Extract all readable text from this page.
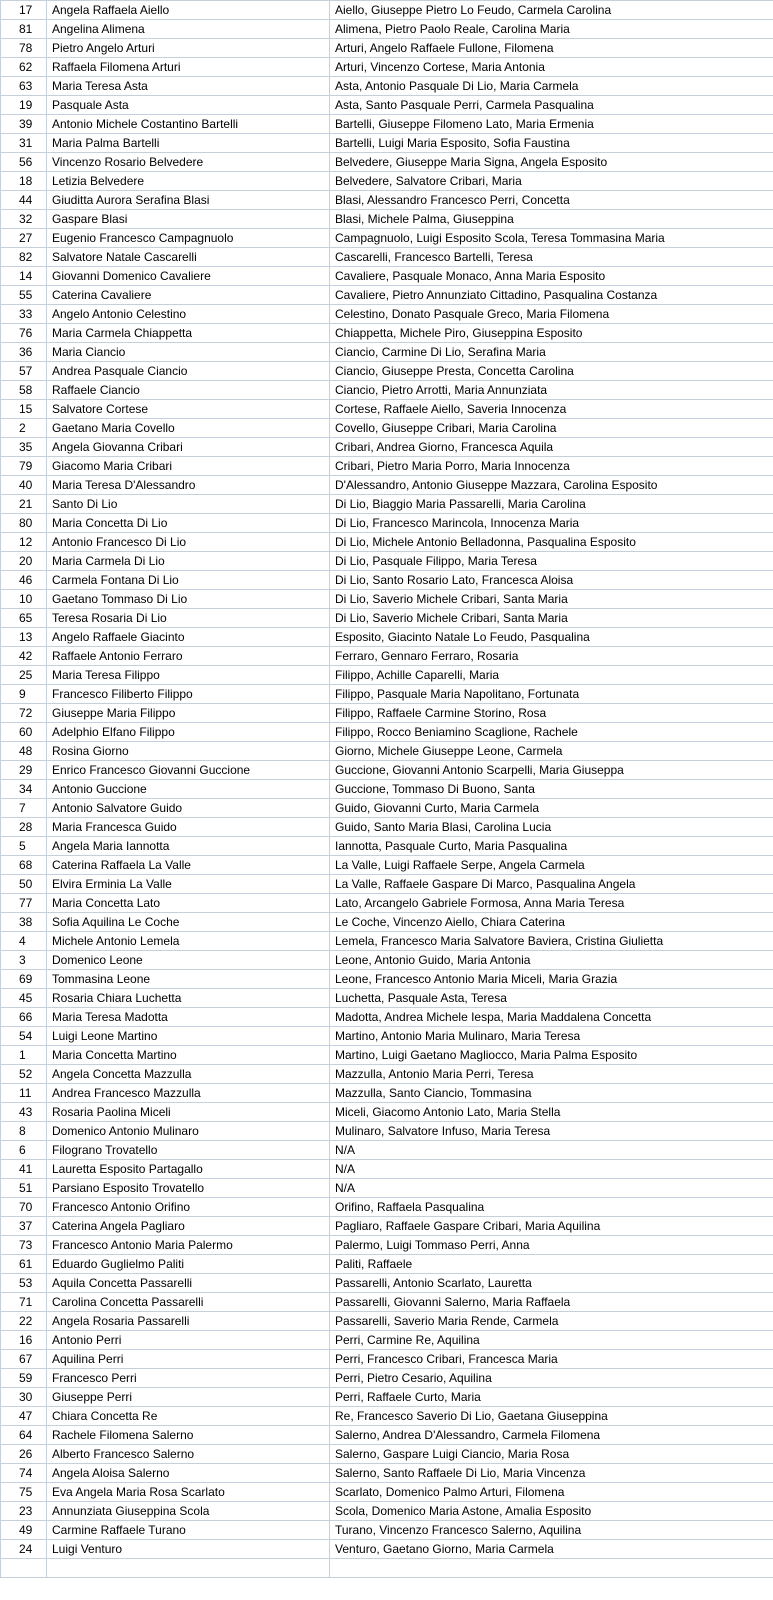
17	Angela Raffaela Aiello	Aiello, Giuseppe Pietro Lo Feudo, Carmela Carolina
81	Angelina Alimena	Alimena, Pietro Paolo Reale, Carolina Maria
78	Pietro Angelo Arturi	Arturi, Angelo Raffaele Fullone, Filomena
62	Raffaela Filomena Arturi	Arturi, Vincenzo Cortese, Maria Antonia
63	Maria Teresa Asta	Asta, Antonio Pasquale Di Lio, Maria Carmela
19	Pasquale Asta	Asta, Santo Pasquale Perri, Carmela Pasqualina
39	Antonio Michele Costantino Bartelli	Bartelli, Giuseppe Filomeno Lato, Maria Ermenia
31	Maria Palma Bartelli	Bartelli, Luigi Maria Esposito, Sofia Faustina
56	Vincenzo Rosario Belvedere	Belvedere, Giuseppe Maria Signa, Angela Esposito
18	Letizia Belvedere	Belvedere, Salvatore Cribari, Maria
44	Giuditta Aurora Serafina Blasi	Blasi, Alessandro Francesco Perri, Concetta
32	Gaspare Blasi	Blasi, Michele Palma, Giuseppina
27	Eugenio Francesco Campagnuolo	Campagnuolo, Luigi Esposito Scola, Teresa Tommasina Maria
82	Salvatore Natale Cascarelli	Cascarelli, Francesco Bartelli, Teresa
14	Giovanni Domenico Cavaliere	Cavaliere, Pasquale Monaco, Anna Maria Esposito
55	Caterina Cavaliere	Cavaliere, Pietro Annunziato Cittadino, Pasqualina Costanza
33	Angelo Antonio Celestino	Celestino, Donato Pasquale Greco, Maria Filomena
76	Maria Carmela Chiappetta	Chiappetta, Michele Piro, Giuseppina Esposito
36	Maria Ciancio	Ciancio, Carmine Di Lio, Serafina Maria
57	Andrea Pasquale Ciancio	Ciancio, Giuseppe Presta, Concetta Carolina
58	Raffaele Ciancio	Ciancio, Pietro Arrotti, Maria Annunziata
15	Salvatore Cortese	Cortese, Raffaele Aiello, Saveria Innocenza
2	Gaetano Maria Covello	Covello, Giuseppe Cribari, Maria Carolina
35	Angela Giovanna Cribari	Cribari, Andrea Giorno, Francesca Aquila
79	Giacomo Maria Cribari	Cribari, Pietro Maria Porro, Maria Innocenza
40	Maria Teresa D'Alessandro	D'Alessandro, Antonio Giuseppe Mazzara, Carolina Esposito
21	Santo Di Lio	Di Lio, Biaggio Maria Passarelli, Maria Carolina
80	Maria Concetta Di Lio	Di Lio, Francesco Marincola, Innocenza Maria
12	Antonio Francesco Di Lio	Di Lio, Michele Antonio Belladonna, Pasqualina Esposito
20	Maria Carmela Di Lio	Di Lio, Pasquale Filippo, Maria Teresa
46	Carmela Fontana Di Lio	Di Lio, Santo Rosario Lato, Francesca Aloisa
10	Gaetano Tommaso Di Lio	Di Lio, Saverio Michele Cribari, Santa Maria
65	Teresa Rosaria Di Lio	Di Lio, Saverio Michele Cribari, Santa Maria
13	Angelo Raffaele Giacinto	Esposito, Giacinto Natale Lo Feudo, Pasqualina
42	Raffaele Antonio Ferraro	Ferraro, Gennaro Ferraro, Rosaria
25	Maria Teresa Filippo	Filippo, Achille Caparelli, Maria
9	Francesco Filiberto Filippo	Filippo, Pasquale Maria Napolitano, Fortunata
72	Giuseppe Maria Filippo	Filippo, Raffaele Carmine Storino, Rosa
60	Adelphio Elfano Filippo	Filippo, Rocco Beniamino Scaglione, Rachele
48	Rosina Giorno	Giorno, Michele Giuseppe Leone, Carmela
29	Enrico Francesco Giovanni Guccione	Guccione, Giovanni Antonio Scarpelli, Maria Giuseppa
34	Antonio Guccione	Guccione, Tommaso Di Buono, Santa
7	Antonio Salvatore Guido	Guido, Giovanni Curto, Maria Carmela
28	Maria Francesca Guido	Guido, Santo Maria Blasi, Carolina Lucia
5	Angela Maria Iannotta	Iannotta, Pasquale Curto, Maria Pasqualina
68	Caterina Raffaela La Valle	La Valle, Luigi Raffaele Serpe, Angela Carmela
50	Elvira Erminia La Valle	La Valle, Raffaele Gaspare Di Marco, Pasqualina Angela
77	Maria Concetta Lato	Lato, Arcangelo Gabriele Formosa, Anna Maria Teresa
38	Sofia Aquilina Le Coche	Le Coche, Vincenzo Aiello, Chiara Caterina
4	Michele Antonio Lemela	Lemela, Francesco Maria Salvatore Baviera, Cristina Giulietta
3	Domenico Leone	Leone, Antonio Guido, Maria Antonia
69	Tommasina Leone	Leone, Francesco Antonio Maria Miceli, Maria Grazia
45	Rosaria Chiara Luchetta	Luchetta, Pasquale Asta, Teresa
66	Maria Teresa Madotta	Madotta, Andrea Michele Iespa, Maria Maddalena Concetta
54	Luigi Leone Martino	Martino, Antonio Maria Mulinaro, Maria Teresa
1	Maria Concetta Martino	Martino, Luigi Gaetano Magliocco, Maria Palma Esposito
52	Angela Concetta Mazzulla	Mazzulla, Antonio Maria Perri, Teresa
11	Andrea Francesco Mazzulla	Mazzulla, Santo Ciancio, Tommasina
43	Rosaria Paolina Miceli	Miceli, Giacomo Antonio Lato, Maria Stella
8	Domenico Antonio Mulinaro	Mulinaro, Salvatore Infuso, Maria Teresa
6	Filograno Trovatello	N/A
41	Lauretta Esposito Partagallo	N/A
51	Parsiano Esposito Trovatello	N/A
70	Francesco Antonio Orifino	Orifino, Raffaela Pasqualina
37	Caterina Angela Pagliaro	Pagliaro, Raffaele Gaspare Cribari, Maria Aquilina
73	Francesco Antonio Maria Palermo	Palermo, Luigi Tommaso Perri, Anna
61	Eduardo Guglielmo Paliti	Paliti, Raffaele
53	Aquila Concetta Passarelli	Passarelli, Antonio Scarlato, Lauretta
71	Carolina Concetta Passarelli	Passarelli, Giovanni Salerno, Maria Raffaela
22	Angela Rosaria Passarelli	Passarelli, Saverio Maria Rende, Carmela
16	Antonio Perri	Perri, Carmine Re, Aquilina
67	Aquilina Perri	Perri, Francesco Cribari, Francesca Maria
59	Francesco Perri	Perri, Pietro Cesario, Aquilina
30	Giuseppe Perri	Perri, Raffaele Curto, Maria
47	Chiara Concetta Re	Re, Francesco Saverio Di Lio, Gaetana Giuseppina
64	Rachele Filomena Salerno	Salerno, Andrea D'Alessandro, Carmela Filomena
26	Alberto Francesco Salerno	Salerno, Gaspare Luigi Ciancio, Maria Rosa
74	Angela Aloisa Salerno	Salerno, Santo Raffaele Di Lio, Maria Vincenza
75	Eva Angela Maria Rosa Scarlato	Scarlato, Domenico Palmo Arturi, Filomena
23	Annunziata Giuseppina Scola	Scola, Domenico Maria Astone, Amalia Esposito
49	Carmine Raffaele Turano	Turano, Vincenzo Francesco Salerno, Aquilina
24	Luigi Venturo	Venturo, Gaetano Giorno, Maria Carmela
